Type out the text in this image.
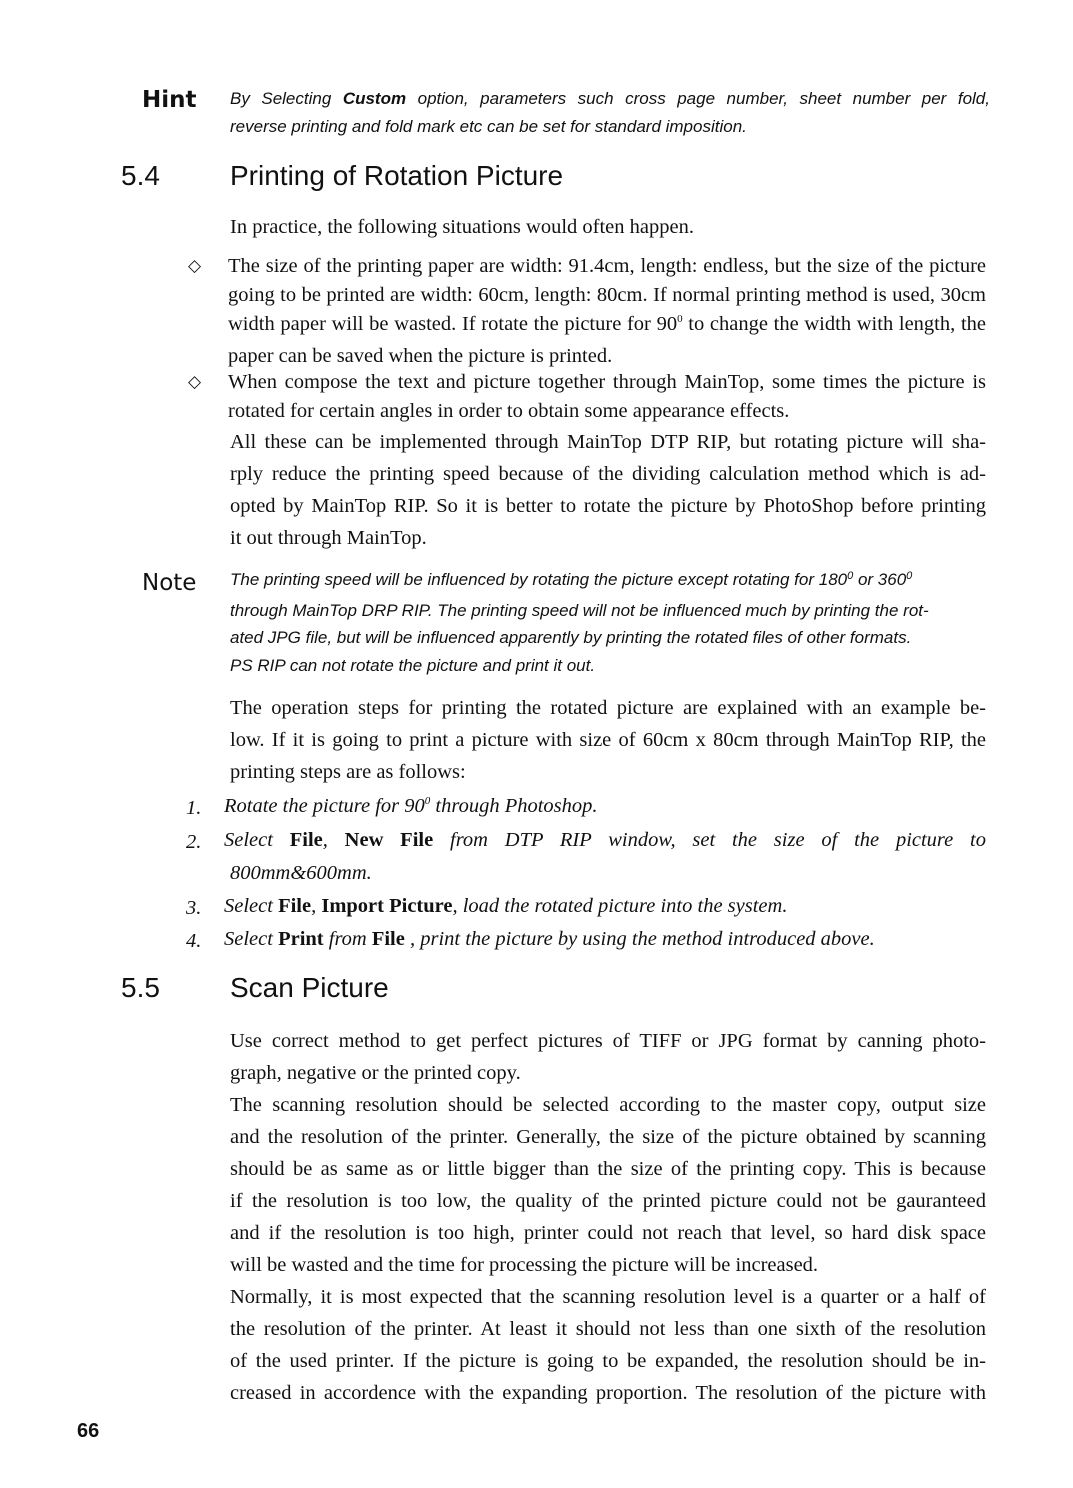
Hint By Selecting Custom option, parameters such cross page number, sheet number per fold,
reverse printing and fold mark etc can be set for standard imposition.
5.4	Printing of Rotation Picture
In practice, the following situations would often happen.
◇ The size of the printing paper are width: 91.4cm, length: endless, but the size of the picture
going to be printed are width: 60cm, length: 80cm. If normal printing method is used, 30cm
width paper will be wasted. If rotate the picture for $90^0$ to change the width with length, the
paper can be saved when the picture is printed.
◇ When compose the text and picture together through MainTop, some times the picture is
rotated for certain angles in order to obtain some appearance effects.
All these can be implemented through MainTop DTP RIP, but rotating picture will sha-
rply reduce the printing speed because of the dividing calculation method which is ad-
opted by MainTop RIP. So it is better to rotate the picture by PhotoShop before printing
it out through MainTop.
Note The printing speed will be influenced by rotating the picture except rotating for $180^0$ or $360^0$
through MainTop DRP RIP. The printing speed will not be influenced much by printing the rot-
ated JPG file, but will be influenced apparently by printing the rotated files of other formats.
PS RIP can not rotate the picture and print it out.
The operation steps for printing the rotated picture are explained with an example be-
low. If it is going to print a picture with size of 60cm x 80cm through MainTop RIP, the
printing steps are as follows:
1. Rotate the picture for $90^0$ through Photoshop.
2. Select File, New File from DTP RIP window, set the size of the picture to
800mm&600mm.
3. Select File, Import Picture, load the rotated picture into the system.
4. Select Print from File , print the picture by using the method introduced above.
5.5	Scan Picture
Use correct method to get perfect pictures of TIFF or JPG format by canning photo-
graph, negative or the printed copy.
The scanning resolution should be selected according to the master copy, output size
and the resolution of the printer. Generally, the size of the picture obtained by scanning
should be as same as or little bigger than the size of the printing copy. This is because
if the resolution is too low, the quality of the printed picture could not be gauranteed
and if the resolution is too high, printer could not reach that level, so hard disk space
will be wasted and the time for processing the picture will be increased.
Normally, it is most expected that the scanning resolution level is a quarter or a half of
the resolution of the printer. At least it should not less than one sixth of the resolution
of the used printer. If the picture is going to be expanded, the resolution should be in-
creased in accordence with the expanding proportion. The resolution of the picture with
66
